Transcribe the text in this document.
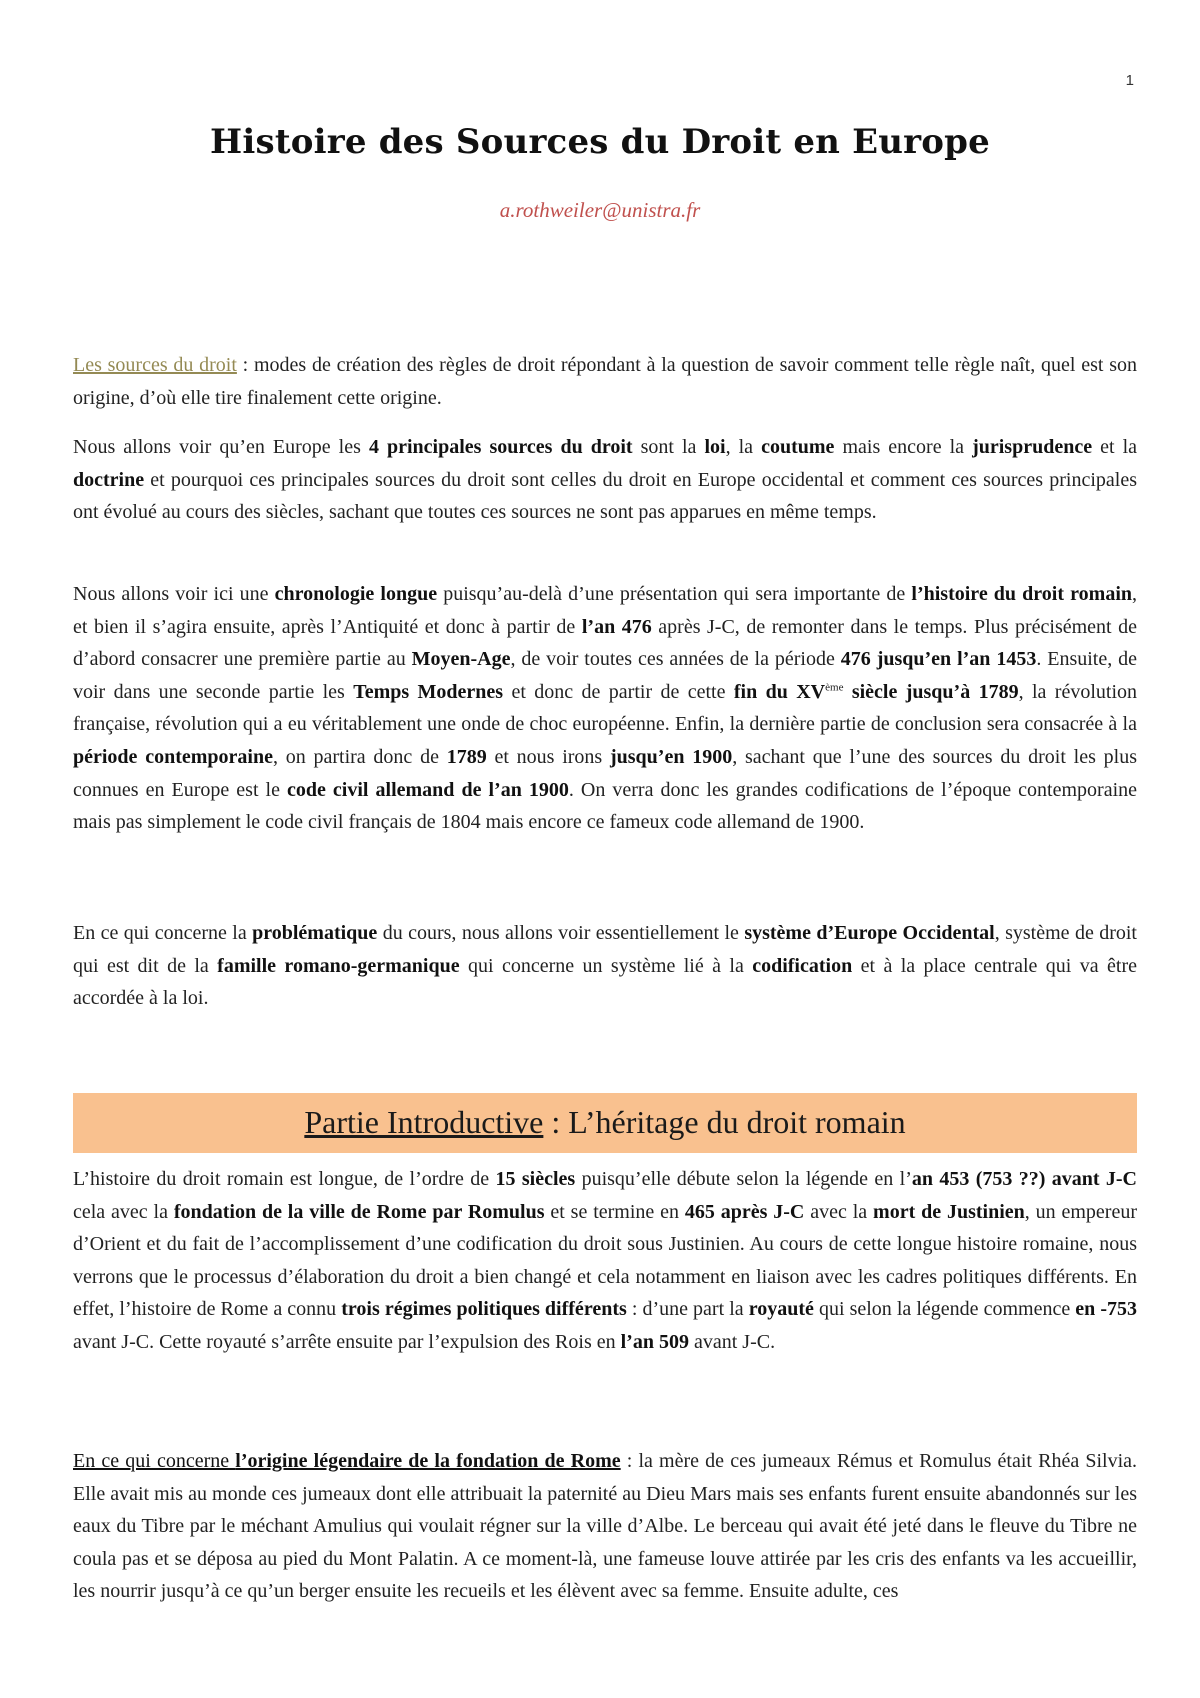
1
Histoire des Sources du Droit en Europe
a.rothweiler@unistra.fr

Les sources du droit : modes de création des règles de droit répondant à la question de savoir comment telle règle naît, quel est son origine, d’où elle tire finalement cette origine.

Nous allons voir qu’en Europe les 4 principales sources du droit sont la loi, la coutume mais encore la jurisprudence et la doctrine et pourquoi ces principales sources du droit sont celles du droit en Europe occidental et comment ces sources principales ont évolué au cours des siècles, sachant que toutes ces sources ne sont pas apparues en même temps.

Nous allons voir ici une chronologie longue puisqu’au-delà d’une présentation qui sera importante de l’histoire du droit romain, et bien il s’agira ensuite, après l’Antiquité et donc à partir de l’an 476 après J-C, de remonter dans le temps. Plus précisément de d’abord consacrer une première partie au Moyen-Age, de voir toutes ces années de la période 476 jusqu’en l’an 1453. Ensuite, de voir dans une seconde partie les Temps Modernes et donc de partir de cette fin du XVème siècle jusqu’à 1789, la révolution française, révolution qui a eu véritablement une onde de choc européenne. Enfin, la dernière partie de conclusion sera consacrée à la période contemporaine, on partira donc de 1789 et nous irons jusqu’en 1900, sachant que l’une des sources du droit les plus connues en Europe est le code civil allemand de l’an 1900. On verra donc les grandes codifications de l’époque contemporaine mais pas simplement le code civil français de 1804 mais encore ce fameux code allemand de 1900.

En ce qui concerne la problématique du cours, nous allons voir essentiellement le système d’Europe Occidental, système de droit qui est dit de la famille romano-germanique qui concerne un système lié à la codification et à la place centrale qui va être accordée à la loi.

Partie Introductive : L’héritage du droit romain

L’histoire du droit romain est longue, de l’ordre de 15 siècles puisqu’elle débute selon la légende en l’an 453 (753 ??) avant J-C cela avec la fondation de la ville de Rome par Romulus et se termine en 465 après J-C avec la mort de Justinien, un empereur d’Orient et du fait de l’accomplissement d’une codification du droit sous Justinien. Au cours de cette longue histoire romaine, nous verrons que le processus d’élaboration du droit a bien changé et cela notamment en liaison avec les cadres politiques différents. En effet, l’histoire de Rome a connu trois régimes politiques différents : d’une part la royauté qui selon la légende commence en -753 avant J-C. Cette royauté s’arrête ensuite par l’expulsion des Rois en l’an 509 avant J-C.

En ce qui concerne l’origine légendaire de la fondation de Rome : la mère de ces jumeaux Rémus et Romulus était Rhéa Silvia. Elle avait mis au monde ces jumeaux dont elle attribuait la paternité au Dieu Mars mais ses enfants furent ensuite abandonnés sur les eaux du Tibre par le méchant Amulius qui voulait régner sur la ville d’Albe. Le berceau qui avait été jeté dans le fleuve du Tibre ne coula pas et se déposa au pied du Mont Palatin. A ce moment-là, une fameuse louve attirée par les cris des enfants va les accueillir, les nourrir jusqu’à ce qu’un berger ensuite les recueils et les élèvent avec sa femme. Ensuite adulte, ces
